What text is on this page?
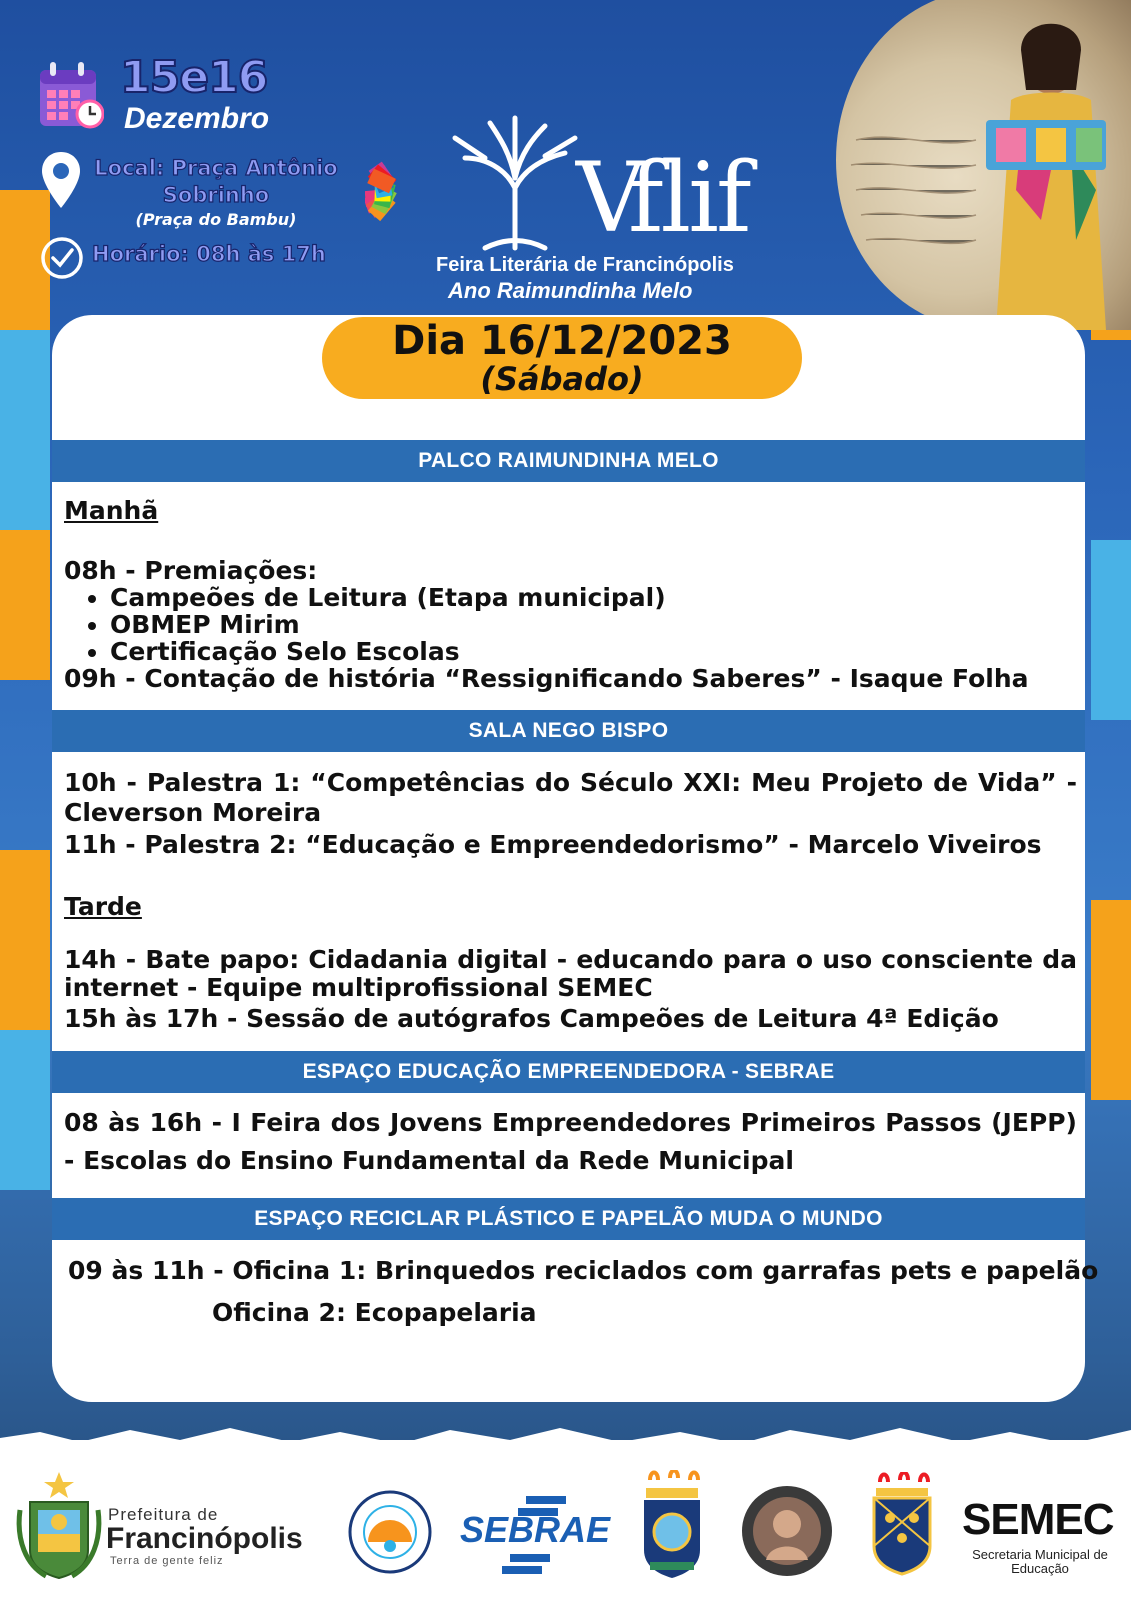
15e16
Dezembro
Local: Praça Antônio
Sobrinho
(Praça do Bambu)
Horário: 08h às 17h	V
flif
Feira Literária de Francinópolis
Ano Raimundinha Melo
Dia 16/12/2023
(Sábado)
PALCO RAIMUNDINHA MELO
Manhã
08h - Premiações:
• Campeões de Leitura (Etapa municipal)
• OBMEP Mirim
• Certificação Selo Escolas
09h - Contação de história “Ressignificando Saberes” - Isaque Folha
SALA NEGO BISPO
10h - Palestra 1: “Competências do Século XXI: Meu Projeto de Vida” - Cleverson Moreira
11h - Palestra 2: “Educação e Empreendedorismo” - Marcelo Viveiros
Tarde
14h - Bate papo: Cidadania digital - educando para o uso consciente da internet - Equipe multiprofissional SEMEC
15h às 17h - Sessão de autógrafos Campeões de Leitura 4ª Edição
ESPAÇO EDUCAÇÃO EMPREENDEDORA - SEBRAE
08 às 16h - I Feira dos Jovens Empreendedores Primeiros Passos (JEPP) - Escolas do Ensino Fundamental da Rede Municipal
ESPAÇO RECICLAR PLÁSTICO E PAPELÃO MUDA O MUNDO
09 às 11h - Oficina 1: Brinquedos reciclados com garrafas pets e papelão
Oficina 2: Ecopapelaria
Prefeitura de
Francinópolis
Terra de gente feliz
SEBRAE	SEMEC
Secretaria Municipal de Educação
